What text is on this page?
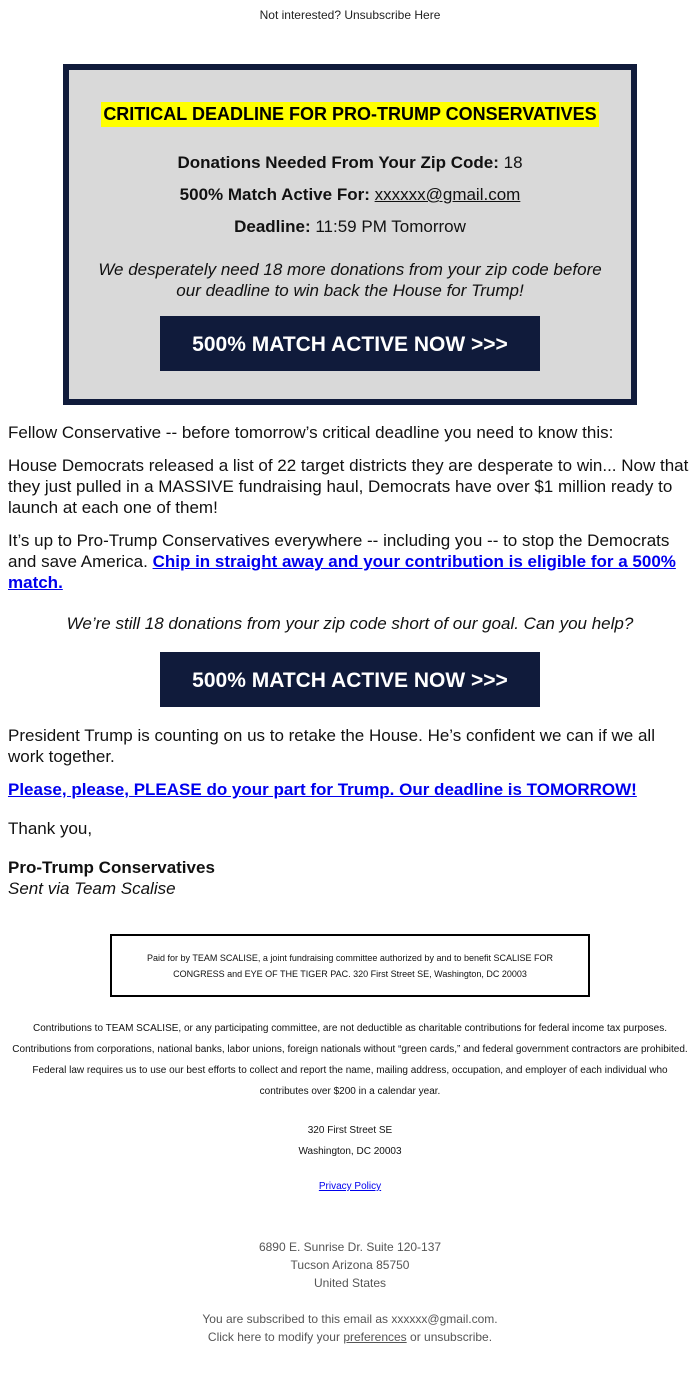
Not interested? Unsubscribe Here
CRITICAL DEADLINE FOR PRO-TRUMP CONSERVATIVES
Donations Needed From Your Zip Code: 18
500% Match Active For: xxxxxx@gmail.com
Deadline: 11:59 PM Tomorrow
We desperately need 18 more donations from your zip code before our deadline to win back the House for Trump!
500% MATCH ACTIVE NOW >>>

Fellow Conservative -- before tomorrow’s critical deadline you need to know this:

House Democrats released a list of 22 target districts they are desperate to win... Now that they just pulled in a MASSIVE fundraising haul, Democrats have over $1 million ready to launch at each one of them!

It’s up to Pro-Trump Conservatives everywhere -- including you -- to stop the Democrats and save America. Chip in straight away and your contribution is eligible for a 500% match.

We’re still 18 donations from your zip code short of our goal. Can you help?

500% MATCH ACTIVE NOW >>>

President Trump is counting on us to retake the House. He’s confident we can if we all work together.

Please, please, PLEASE do your part for Trump. Our deadline is TOMORROW!

Thank you,

Pro-Trump Conservatives
Sent via Team Scalise
Paid for by TEAM SCALISE, a joint fundraising committee authorized by and to benefit SCALISE FOR CONGRESS and EYE OF THE TIGER PAC. 320 First Street SE, Washington, DC 20003
Contributions to TEAM SCALISE, or any participating committee, are not deductible as charitable contributions for federal income tax purposes. Contributions from corporations, national banks, labor unions, foreign nationals without “green cards,” and federal government contractors are prohibited. Federal law requires us to use our best efforts to collect and report the name, mailing address, occupation, and employer of each individual who contributes over $200 in a calendar year.
320 First Street SE
Washington, DC 20003
Privacy Policy
6890 E. Sunrise Dr. Suite 120-137
Tucson Arizona 85750
United States
You are subscribed to this email as xxxxxx@gmail.com.
Click here to modify your preferences or unsubscribe.
